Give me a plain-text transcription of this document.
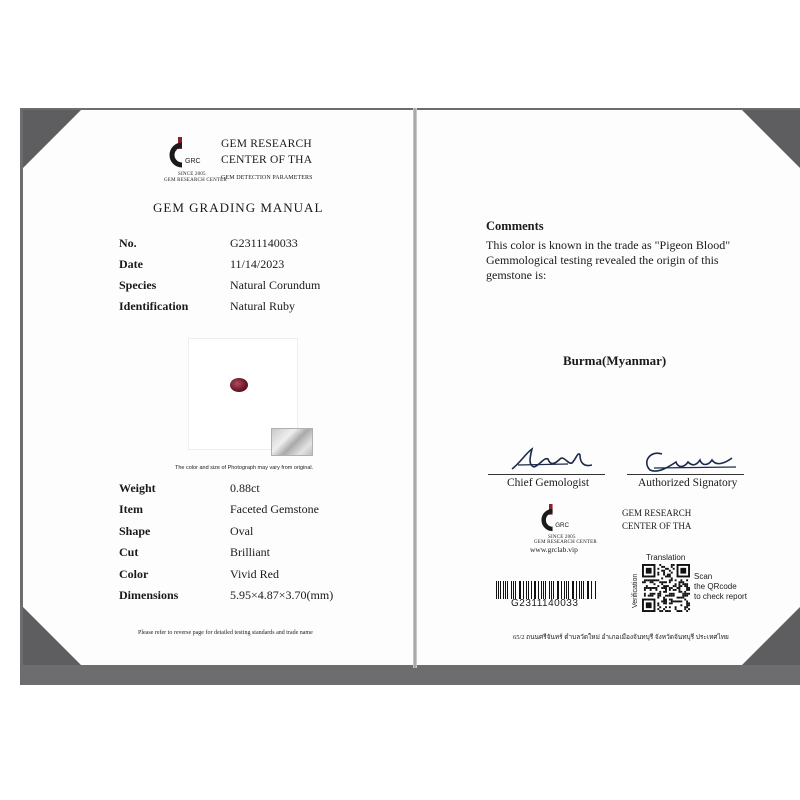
GRC
SINCE 2005
GEM RESEARCH CENTER
GEM RESEARCH
CENTER OF THA
GEM DETECTION PARAMETERS
GEM GRADING MANUAL
No.	G2311140033
Date	11/14/2023
Species	Natural Corundum
Identification	Natural Ruby
The color and size of Photograph may vary from original.
Weight	0.88ct
Item	Faceted Gemstone
Shape	Oval
Cut	Brilliant
Color	Vivid Red
Dimensions	5.95×4.87×3.70(mm)
Please refer to reverse page for detailed testing standards and trade name
Comments
This color is known in the trade as "Pigeon Blood" Gemmological testing revealed the origin of this gemstone is:
Burma(Myanmar)
Chief Gemologist	Authorized Signatory
GRC
SINCE 2005
GEM RESEARCH CENTER
www.grclab.vip
GEM RESEARCH
CENTER OF THA
G2311140033	Verification
Translation
Scan
the QRcode
to check report
65/2 ถนนศรีจันทร์ ตำบลวัดใหม่ อำเภอเมืองจันทบุรี จังหวัดจันทบุรี ประเทศไทย
